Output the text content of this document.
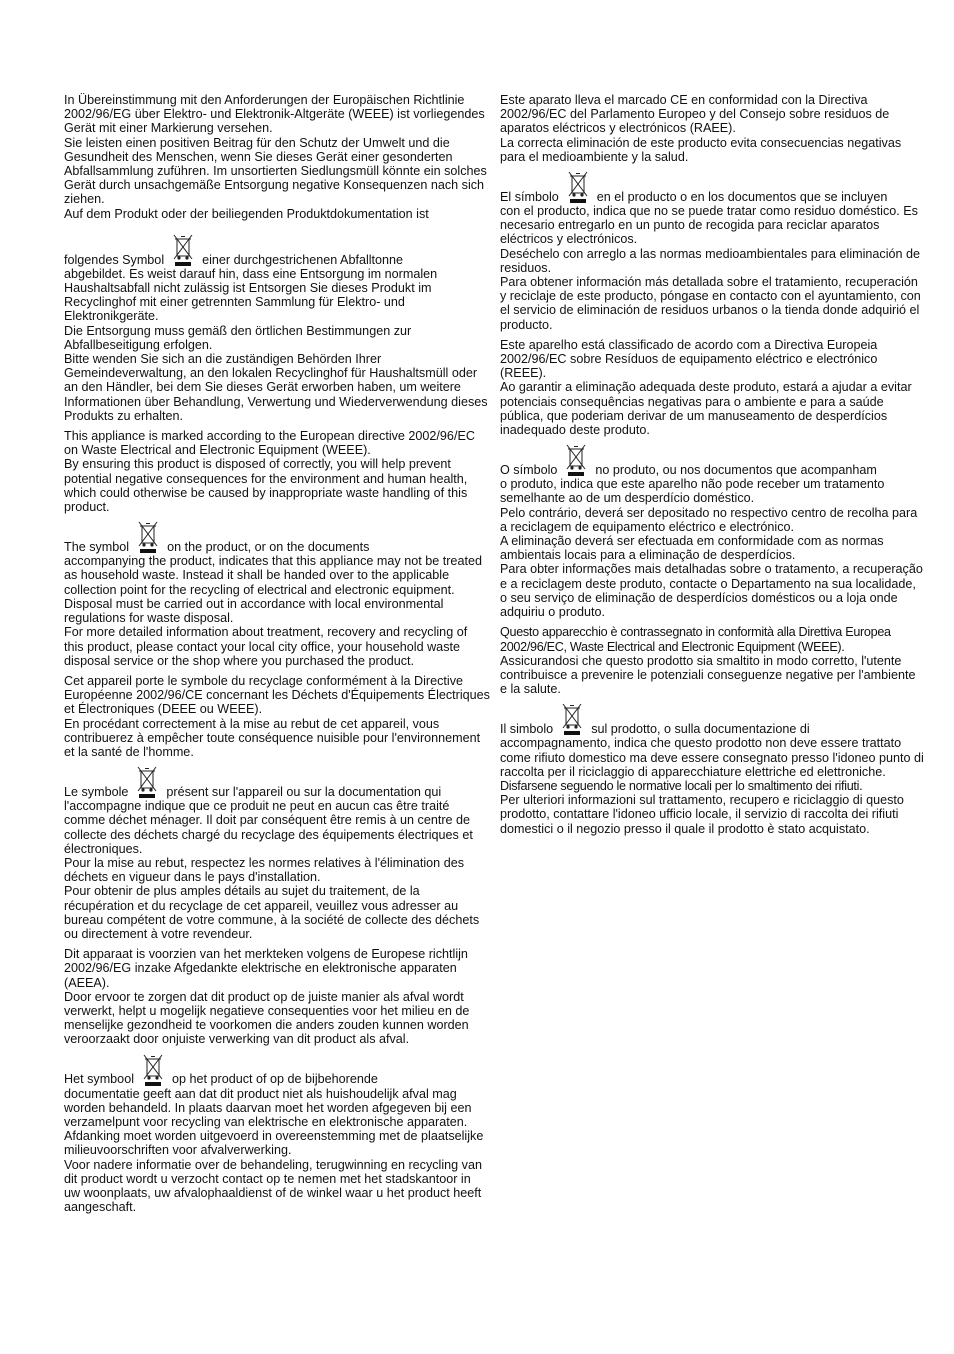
In Übereinstimmung mit den Anforderungen der Europäischen Richtlinie 2002/96/EG über Elektro- und Elektronik-Altgeräte (WEEE) ist vorliegendes Gerät mit einer Markierung versehen.

Sie leisten einen positiven Beitrag für den Schutz der Umwelt und die Gesundheit des Menschen, wenn Sie dieses Gerät einer gesonderten Abfallsammlung zuführen. Im unsortierten Siedlungsmüll könnte ein solches Gerät durch unsachgemäße Entsorgung negative Konsequenzen nach sich ziehen.

Auf dem Produkt oder der beiliegenden Produktdokumentation ist

folgendes Symbol	einer durchgestrichenen Abfalltonne

abgebildet. Es weist darauf hin, dass eine Entsorgung im normalen Haushaltsabfall nicht zulässig ist Entsorgen Sie dieses Produkt im Recyclinghof mit einer getrennten Sammlung für Elektro- und Elektronikgeräte.

Die Entsorgung muss gemäß den örtlichen Bestimmungen zur Abfallbeseitigung erfolgen.

Bitte wenden Sie sich an die zuständigen Behörden Ihrer Gemeindeverwaltung, an den lokalen Recyclinghof für Haushaltsmüll oder an den Händler, bei dem Sie dieses Gerät erworben haben, um weitere Informationen über Behandlung, Verwertung und Wiederverwendung dieses Produkts zu erhalten.

This appliance is marked according to the European directive 2002/96/EC on Waste Electrical and Electronic Equipment (WEEE).

By ensuring this product is disposed of correctly, you will help prevent potential negative consequences for the environment and human health, which could otherwise be caused by inappropriate waste handling of this product.

The symbol	on the product, or on the documents

accompanying the product, indicates that this appliance may not be treated as household waste. Instead it shall be handed over to the applicable collection point for the recycling of electrical and electronic equipment.

Disposal must be carried out in accordance with local environmental regulations for waste disposal.

For more detailed information about treatment, recovery and recycling of this product, please contact your local city office, your household waste disposal service or the shop where you purchased the product.

Cet appareil porte le symbole du recyclage conformément à la Directive Européenne 2002/96/CE concernant les Déchets d'Équipements Électriques et Électroniques (DEEE ou WEEE).

En procédant correctement à la mise au rebut de cet appareil, vous contribuerez à empêcher toute conséquence nuisible pour l'environnement et la santé de l'homme.

Le symbole	présent sur l'appareil ou sur la documentation qui

l'accompagne indique que ce produit ne peut en aucun cas être traité comme déchet ménager. Il doit par conséquent être remis à un centre de collecte des déchets chargé du recyclage des équipements électriques et électroniques.

Pour la mise au rebut, respectez les normes relatives à l'élimination des déchets en vigueur dans le pays d'installation.

Pour obtenir de plus amples détails au sujet du traitement, de la récupération et du recyclage de cet appareil, veuillez vous adresser au bureau compétent de votre commune, à la société de collecte des déchets ou directement à votre revendeur.

Dit apparaat is voorzien van het merkteken volgens de Europese richtlijn 2002/96/EG inzake Afgedankte elektrische en elektronische apparaten (AEEA).

Door ervoor te zorgen dat dit product op de juiste manier als afval wordt verwerkt, helpt u mogelijk negatieve consequenties voor het milieu en de menselijke gezondheid te voorkomen die anders zouden kunnen worden veroorzaakt door onjuiste verwerking van dit product als afval.

Het symbool	op het product of op de bijbehorende

documentatie geeft aan dat dit product niet als huishoudelijk afval mag worden behandeld. In plaats daarvan moet het worden afgegeven bij een verzamelpunt voor recycling van elektrische en elektronische apparaten.

Afdanking moet worden uitgevoerd in overeenstemming met de plaatselijke milieuvoorschriften voor afvalverwerking.

Voor nadere informatie over de behandeling, terugwinning en recycling van dit product wordt u verzocht contact op te nemen met het stadskantoor in uw woonplaats, uw afvalophaaldienst of de winkel waar u het product heeft aangeschaft.

Este aparato lleva el marcado CE en conformidad con la Directiva 2002/96/EC del Parlamento Europeo y del Consejo sobre residuos de aparatos eléctricos y electrónicos (RAEE).

La correcta eliminación de este producto evita consecuencias negativas para el medioambiente y la salud.

El símbolo	en el producto o en los documentos que se incluyen

con el producto, indica que no se puede tratar como residuo doméstico. Es necesario entregarlo en un punto de recogida para reciclar aparatos eléctricos y electrónicos.

Deséchelo con arreglo a las normas medioambientales para eliminación de residuos.

Para obtener información más detallada sobre el tratamiento, recuperación y reciclaje de este producto, póngase en contacto con el ayuntamiento, con el servicio de eliminación de residuos urbanos o la tienda donde adquirió el producto.

Este aparelho está classificado de acordo com a Directiva Europeia 2002/96/EC sobre Resíduos de equipamento eléctrico e electrónico (REEE).

Ao garantir a eliminação adequada deste produto, estará a ajudar a evitar potenciais consequências negativas para o ambiente e para a saúde pública, que poderiam derivar de um manuseamento de desperdícios inadequado deste produto.

O símbolo	no produto, ou nos documentos que acompanham

o produto, indica que este aparelho não pode receber um tratamento semelhante ao de um desperdício doméstico.

Pelo contrário, deverá ser depositado no respectivo centro de recolha para a reciclagem de equipamento eléctrico e electrónico.

A eliminação deverá ser efectuada em conformidade com as normas ambientais locais para a eliminação de desperdícios.

Para obter informações mais detalhadas sobre o tratamento, a recuperação e a reciclagem deste produto, contacte o Departamento na sua localidade, o seu serviço de eliminação de desperdícios domésticos ou a loja onde adquiriu o produto.

Questo apparecchio è contrassegnato in conformità alla Direttiva Europea 2002/96/EC, Waste Electrical and Electronic Equipment (WEEE).

Assicurandosi che questo prodotto sia smaltito in modo corretto, l'utente contribuisce a prevenire le potenziali conseguenze negative per l'ambiente e la salute.

Il simbolo	sul prodotto, o sulla documentazione di

accompagnamento, indica che questo prodotto non deve essere trattato come rifiuto domestico ma deve essere consegnato presso l'idoneo punto di raccolta per il riciclaggio di apparecchiature elettriche ed elettroniche.

Disfarsene seguendo le normative locali per lo smaltimento dei rifiuti.

Per ulteriori informazioni sul trattamento, recupero e riciclaggio di questo prodotto, contattare l'idoneo ufficio locale, il servizio di raccolta dei rifiuti domestici o il negozio presso il quale il prodotto è stato acquistato.
